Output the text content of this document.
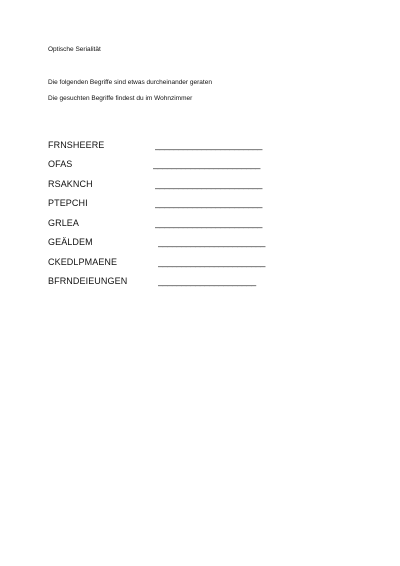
Optische Serialität
Die folgenden Begriffe sind etwas durcheinander geraten
Die gesuchten Begriffe findest du im Wohnzimmer
FRNSHEERE	_______________________
OFAS	_______________________
RSAKNCH	_______________________
PTEPCHI	_______________________
GRLEA	_______________________
GEÄLDEM	_______________________
CKEDLPMAENE	_______________________
BFRNDEIEUNGEN	_____________________
